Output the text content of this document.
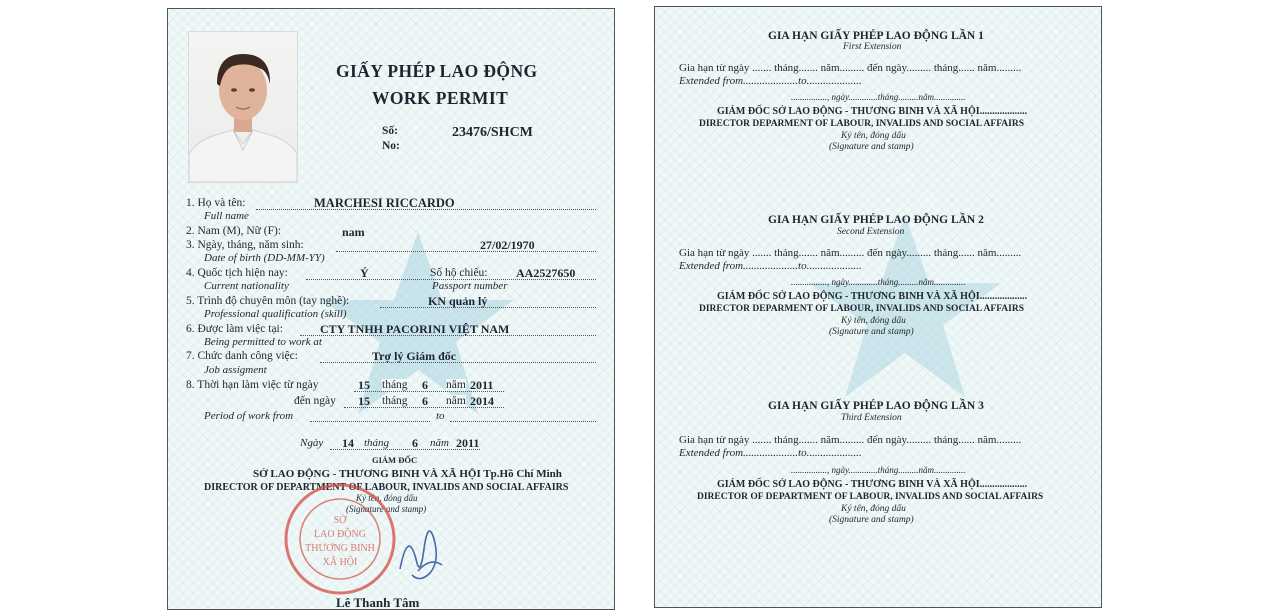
GIẤY PHÉP LAO ĐỘNG
WORK PERMIT
Số:
No:
23476/SHCM
1. Họ và tên:	MARCHESI RICCARDO
Full name
2. Nam (M), Nữ (F):	nam
3. Ngày, tháng, năm sinh:	27/02/1970
Date of birth (DD-MM-YY)
4. Quốc tịch hiện nay:	Ý	Số hộ chiếu: AA2527650
Current nationality	Passport number
5. Trình độ chuyên môn (tay nghề):	KN quản lý
Professional qualification (skill)
6. Được làm việc tại:	CTY TNHH PACORINI VIỆT NAM
Being permitted to work at
7. Chức danh công việc:	Trợ lý Giám đốc
Job assigment
8. Thời hạn làm việc từ ngày	15 tháng 6 năm 2011
đến ngày 15 tháng 6 năm 2014
Period of work from	to
Ngày 14 tháng 6 năm 2011
GIÁM ĐỐC
SỞ LAO ĐỘNG - THƯƠNG BINH VÀ XÃ HỘI Tp.Hồ Chí Minh
DIRECTOR OF DEPARTMENT OF LABOUR, INVALIDS AND SOCIAL AFFAIRS
Ký tên, đóng dấu
(Signature and stamp)
SỞ
LAO ĐỘNG
THƯƠNG BINH
XÃ HỘI
Lê Thanh Tâm
GIA HẠN GIẤY PHÉP LAO ĐỘNG LẦN 1
First Extension
Gia hạn từ ngày ....... tháng....... năm......... đến ngày......... tháng...... năm.........
Extended from....................to....................
................, ngày.............tháng.........năm..............
GIÁM ĐỐC SỞ LAO ĐỘNG - THƯƠNG BINH VÀ XÃ HỘI...................
DIRECTOR DEPARMENT OF LABOUR, INVALIDS AND SOCIAL AFFAIRS
Ký tên, đóng dấu
(Signature and stamp)
GIA HẠN GIẤY PHÉP LAO ĐỘNG LẦN 2
Second Extension
Gia hạn từ ngày ....... tháng....... năm......... đến ngày......... tháng...... năm.........
Extended from....................to....................
................, ngày.............tháng.........năm..............
GIÁM ĐỐC SỞ LAO ĐỘNG - THƯƠNG BINH VÀ XÃ HỘI...................
DIRECTOR DEPARMENT OF LABOUR, INVALIDS AND SOCIAL AFFAIRS
Ký tên, đóng dấu
(Signature and stamp)
GIA HẠN GIẤY PHÉP LAO ĐỘNG LẦN 3
Third Extension
Gia hạn từ ngày ....... tháng....... năm......... đến ngày......... tháng...... năm.........
Extended from....................to....................
................, ngày.............tháng.........năm..............
GIÁM ĐỐC SỞ LAO ĐỘNG - THƯƠNG BINH VÀ XÃ HỘI...................
DIRECTOR OF DEPARTMENT OF LABOUR, INVALIDS AND SOCIAL AFFAIRS
Ký tên, đóng dấu
(Signature and stamp)
